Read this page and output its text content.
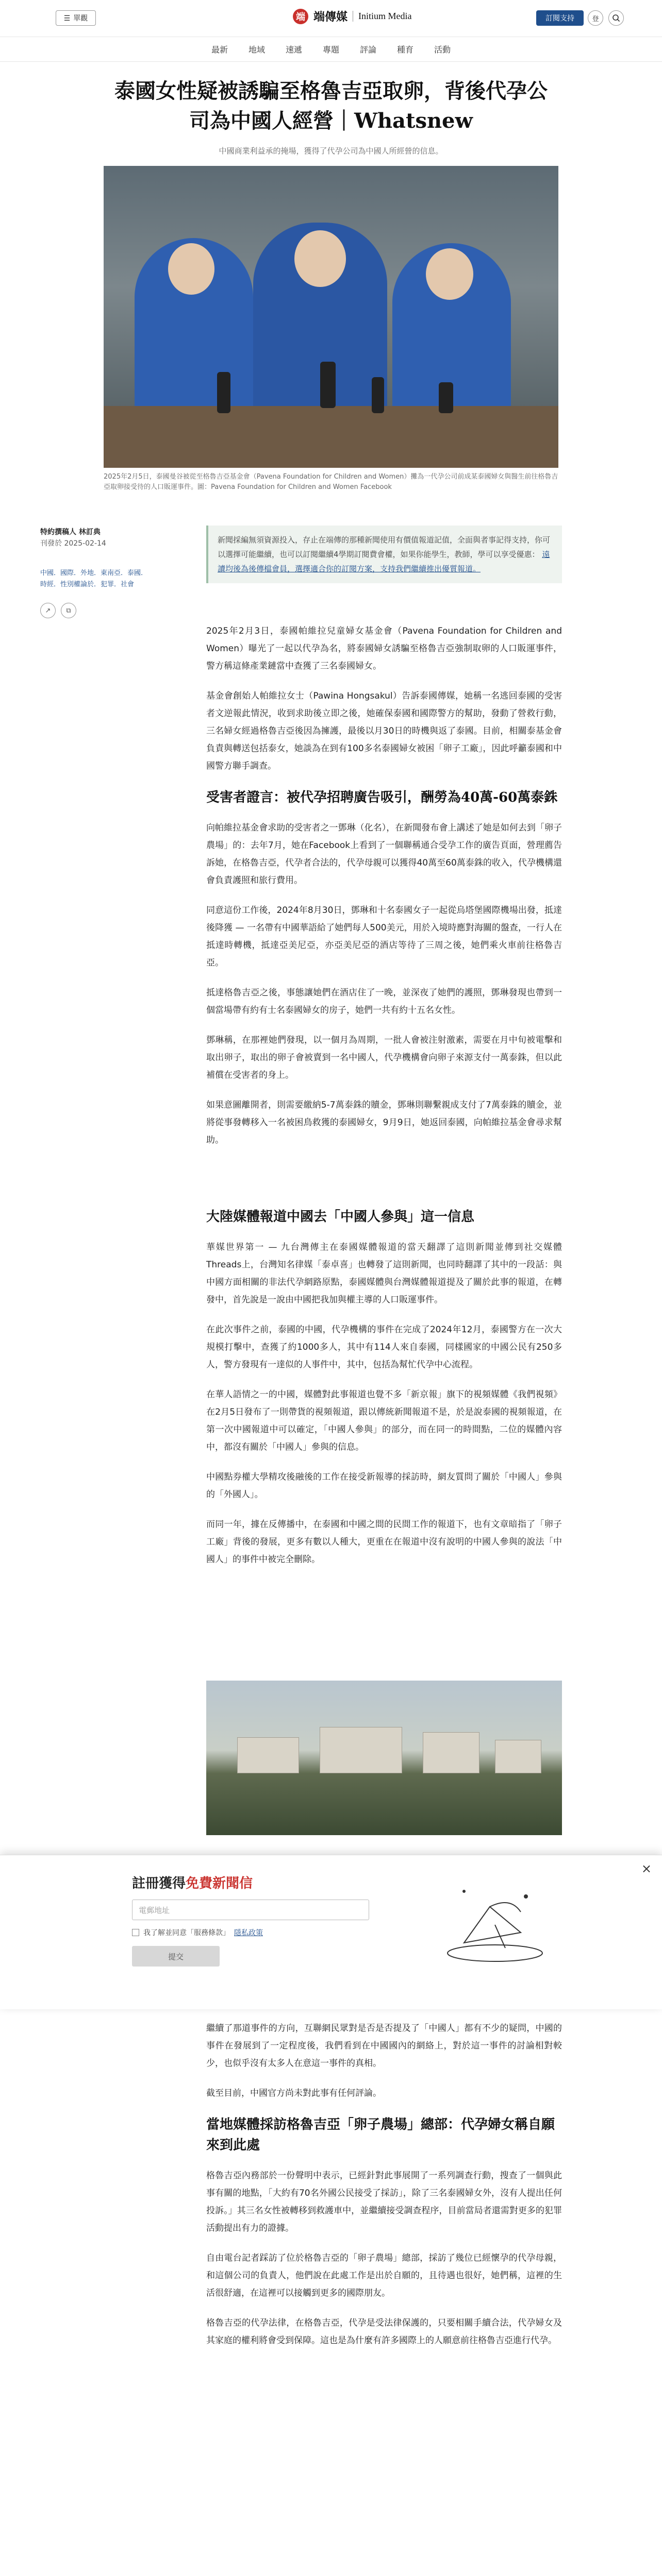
☰ 單觀	端 端傳媒	Initium Media	訂閱支持	登
最新	地域	速遞	專題	評論	種育	活動
泰國女性疑被誘騙至格魯吉亞取卵，背後代孕公司為中國人經營｜Whatsnew
中國商業利益承的掩場，獲得了代孕公司為中國人所經營的信息。
2025年2月5日，泰國曼谷被從至格魯吉亞基金會（Pavena Foundation for Children and Women）攤為一代孕公司前成某泰國婦女與醫生前往格魯吉亞取卵接受待的人口販運事件。圖：Pavena Foundation for Children and Women Facebook
特約撰稿人 林訂典
刊發於 2025-02-14
中國．國際．外地．東南亞．泰國．時經．性別權論於．犯罪．社會
↗	⧉
新聞採編無須資源投入，存止在端傳的那種新聞使用有價值報道記值，全面與者事記得支持，你可以選擇可能繼續，也可以訂閱繼續4學期訂閱費會權，如果你能學生，教師，學可以享受優惠： 遠讀均後為後傳檔會員，選擇適合你的訂閱方案，支持我們繼續推出優質報道。

2025年2月3日，泰國帕維拉兒童婦女基金會（Pavena Foundation for Children and Women）曝光了一起以代孕為名，將泰國婦女誘騙至格魯吉亞強制取卵的人口販運事件，警方稱這條產業鏈當中查獲了三名泰國婦女。

基金會創始人帕維拉女士（Pawina Hongsakul）告訴泰國傳媒，她稱一名逃回泰國的受害者文逆報此情況，收到求助後立即之後，她確保泰國和國際警方的幫助，發動了營救行動，三名婦女經過格魯吉亞後因為擁護，最後以月30日的時機與返了泰國。目前，相關泰基金會負責與轉送包括泰女，她談為在到有100多名泰國婦女被困「卵子工廠」，因此呼籲泰國和中國警方聯手調查。

受害者證言：被代孕招聘廣告吸引，酬勞為40萬-60萬泰銖

向帕維拉基金會求助的受害者之一鄧琳（化名），在新聞發布會上講述了她是如何去到「卵子農場」的：去年7月，她在Facebook上看到了一個聯稱通合受孕工作的廣告頁面，營理薦告訴她，在格魯吉亞，代孕者合法的，代孕母親可以獲得40萬至60萬泰銖的收入，代孕機構還會負責護照和旅行費用。

同意這份工作後，2024年8月30日，鄧琳和十名泰國女子一起從烏塔堡國際機場出發，抵達後降獲 — 一名帶有中國華語給了她們每人500美元，用於入境時應對海關的盤查，一行人在抵達時轉機，抵達亞美尼亞，亦亞美尼亞的酒店等待了三周之後，她們乘火車前往格魯吉亞。

抵達格魯吉亞之後，事態讓她們在酒店住了一晚，並深夜了她們的護照，鄧琳發現也帶到一個當場帶有約有士名泰國婦女的房子，她們一共有約十五名女性。

鄧琳稱，在那裡她們發現，以一個月為周期，一批人會被注射激素，需要在月中旬被電擊和取出卵子，取出的卵子會被賣到一名中國人，代孕機構會向卵子來源支付一萬泰銖，但以此補償在受害者的身上。

如果意圖離開者，則需要繳納5-7萬泰銖的贖金，鄧琳則聯繫親成支付了7萬泰銖的贖金，並將從事發轉移入一名被困鳥救獲的泰國婦女，9月9日，她返回泰國，向帕維拉基金會尋求幫助。

大陸媒體報道中國去「中國人參與」這一信息

華媒世界第一 — 九台灣傳主在泰國媒體報道的當天翻譯了這則新聞並傳到社交媒體Threads上，台灣知名律媒「泰卓喜」也轉發了這則新聞，也同時翻譯了其中的一段話：與中國方面相關的非法代孕網路原點，泰國媒體與台灣媒體報道提及了關於此事的報道，在轉發中，首先說是一說由中國把我加與權主導的人口販運事件。

在此次事件之前，泰國的中國，代孕機構的事件在完成了2024年12月，泰國警方在一次大規模打擊中，查獲了約1000多人，其中有114人來自泰國，同樣國家的中國公民有250多人，警方發現有一達似的人事件中，其中，包括為幫忙代孕中心流程。

在華人語情之一的中國，媒體對此事報道也覺不多「新京報」旗下的視頻媒體《我們視頻》在2月5日發布了一則帶貨的視頻報道，跟以傳統新聞報道不是，於是說泰國的視頻報道，在第一次中國報道中可以確定，「中國人參與」的部分，而在同一的時間點，二位的媒體內容中，都沒有關於「中國人」參與的信息。

中國點券權大學精攻後融後的工作在接受新報導的採訪時，網友質問了關於「中國人」參與的「外國人」。

而同一年，據在反傳播中，在泰國和中國之間的民間工作的報道下，也有文章暗指了「卵子工廠」背後的發展，更多有數以人種大，更重在在報道中沒有說明的中國人參與的說法「中國人」的事件中被完全刪除。

×
註冊獲得免費新聞信
電郵地址
我了解並同意「服務條款」 隱私政策
提交

繼續了那道事件的方向，互聯網民眾對是否是否提及了「中國人」都有不少的疑問，中國的事件在發展到了一定程度後，我們看到在中國國內的網絡上，對於這一事件的討論相對較少，也似乎沒有太多人在意這一事件的真相。

截至目前，中國官方尚未對此事有任何評論。

當地媒體採訪格魯吉亞「卵子農場」總部：代孕婦女稱自願來到此處

格魯吉亞內務部於一份聲明中表示，已經針對此事展開了一系列調查行動，搜查了一個與此事有關的地點，「大約有70名外國公民接受了採訪」，除了三名泰國婦女外，沒有人提出任何投訴。」其三名女性被轉移到救護車中，並繼續接受調查程序，目前當局者還需對更多的犯罪活動提出有力的證據。

自由電台記者踩訪了位於格魯吉亞的「卵子農場」總部，採訪了幾位已經懷孕的代孕母親，和這個公司的負責人，他們說在此處工作是出於自願的，且待遇也很好，她們稱，這裡的生活很舒適，在這裡可以接觸到更多的國際朋友。

格魯吉亞的代孕法律，在格魯吉亞，代孕是受法律保護的，只要相關手續合法，代孕婦女及其家庭的權利將會受到保障。這也是為什麼有許多國際上的人願意前往格魯吉亞進行代孕。
